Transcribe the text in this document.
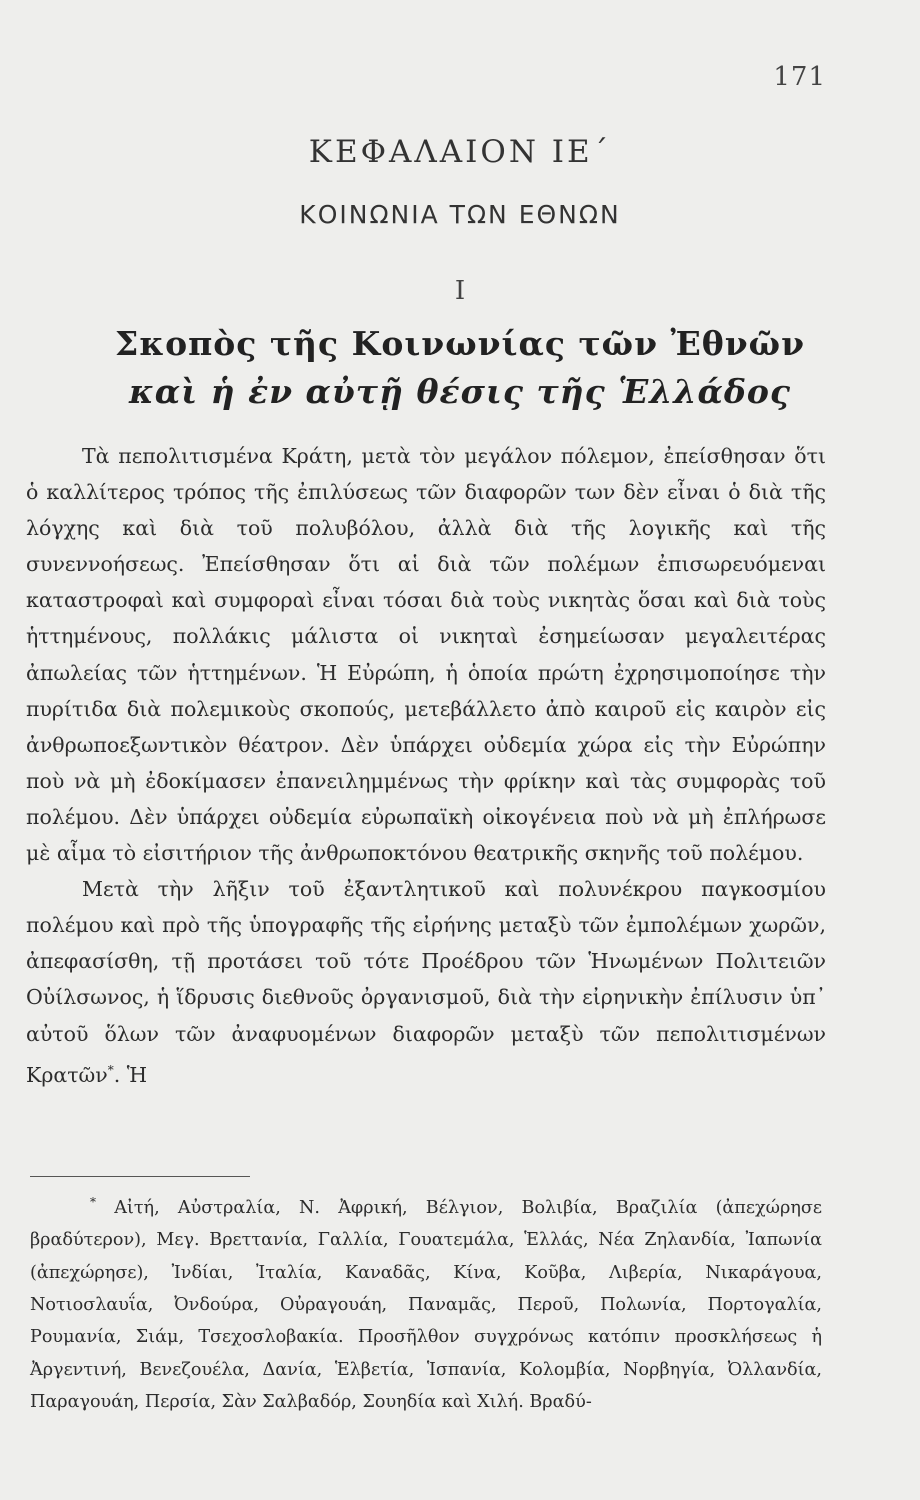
171
ΚΕΦΑΛΑΙΟΝ ΙΕ΄
ΚΟΙΝΩΝΙΑ ΤΩΝ ΕΘΝΩΝ
I
Σκοπὸς τῆς Κοινωνίας τῶν Ἐθνῶν
καὶ ἡ ἐν αὐτῇ θέσις τῆς Ἑλλάδος

Τὰ πεπολιτισμένα Κράτη, μετὰ τὸν μεγάλον πόλεμον, ἐπείσθησαν ὅτι ὁ καλλίτερος τρόπος τῆς ἐπιλύσεως τῶν διαφορῶν των δὲν εἶναι ὁ διὰ τῆς λόγχης καὶ διὰ τοῦ πολυβόλου, ἀλλὰ διὰ τῆς λογικῆς καὶ τῆς συνεννοήσεως. Ἐπείσθησαν ὅτι αἱ διὰ τῶν πολέμων ἐπισωρευόμεναι καταστροφαὶ καὶ συμφοραὶ εἶναι τόσαι διὰ τοὺς νικητὰς ὅσαι καὶ διὰ τοὺς ἡττημένους, πολλάκις μάλιστα οἱ νικηταὶ ἐσημείωσαν μεγαλειτέρας ἀπωλείας τῶν ἡττημένων. Ἡ Εὐρώπη, ἡ ὁποία πρώτη ἐχρησιμοποίησε τὴν πυρίτιδα διὰ πολεμικοὺς σκοπούς, μετεβάλλετο ἀπὸ καιροῦ εἰς καιρὸν εἰς ἀνθρωποεξωντικὸν θέατρον. Δὲν ὑπάρχει οὐδεμία χώρα εἰς τὴν Εὐρώπην ποὺ νὰ μὴ ἐδοκίμασεν ἐπανειλημμένως τὴν φρίκην καὶ τὰς συμφορὰς τοῦ πολέμου. Δὲν ὑπάρχει οὐδεμία εὐρωπαϊκὴ οἰκογένεια ποὺ νὰ μὴ ἐπλήρωσε μὲ αἷμα τὸ εἰσιτήριον τῆς ἀνθρωποκτόνου θεατρικῆς σκηνῆς τοῦ πολέμου.

Μετὰ τὴν λῆξιν τοῦ ἐξαντλητικοῦ καὶ πολυνέκρου παγκοσμίου πολέμου καὶ πρὸ τῆς ὑπογραφῆς τῆς εἰρήνης μεταξὺ τῶν ἐμπολέμων χωρῶν, ἀπεφασίσθη, τῇ προτάσει τοῦ τότε Προέδρου τῶν Ἡνωμένων Πολιτειῶν Οὐίλσωνος, ἡ ἵδρυσις διεθνοῦς ὀργανισμοῦ, διὰ τὴν εἰρηνικὴν ἐπίλυσιν ὑπ᾿ αὐτοῦ ὅλων τῶν ἀναφυομένων διαφορῶν μεταξὺ τῶν πεπολιτισμένων Κρατῶν*. Ἡ

* Αἰτή, Αὐστραλία, Ν. Ἀφρική, Βέλγιον, Βολιβία, Βραζιλία (ἀπεχώρησε βραδύτερον), Μεγ. Βρεττανία, Γαλλία, Γουατεμάλα, Ἑλλάς, Νέα Ζηλανδία, Ἰαπωνία (ἀπεχώρησε), Ἰνδίαι, Ἰταλία, Καναδᾶς, Κίνα, Κοῦβα, Λιβερία, Νικαράγουα, Νοτιοσλαυΐα, Ὀνδούρα, Οὐραγουάη, Παναμᾶς, Περοῦ, Πολωνία, Πορτογαλία, Ρουμανία, Σιάμ, Τσεχοσλοβακία. Προσῆλθον συγχρόνως κατόπιν προσκλήσεως ἡ Ἀργεντινή, Βενεζουέλα, Δανία, Ἑλβετία, Ἱσπανία, Κολομβία, Νορβηγία, Ὀλλανδία, Παραγουάη, Περσία, Σὰν Σαλβαδόρ, Σουηδία καὶ Χιλή. Βραδύ-
